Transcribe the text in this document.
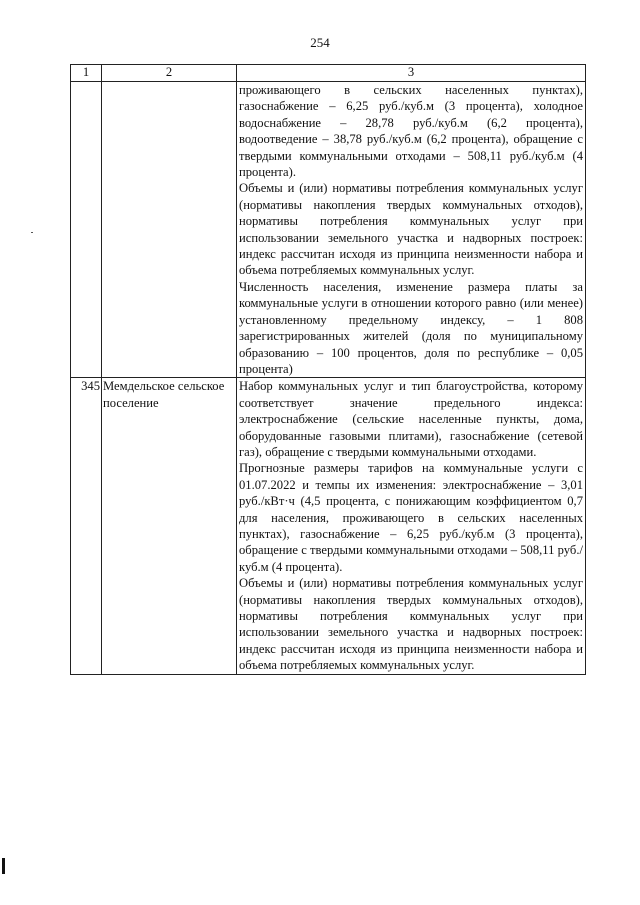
254
1	2	3

		проживающего в сельских населенных пунктах), газоснабжение – 6,25 руб./куб.м (3 процента), холодное водоснабжение – 28,78 руб./куб.м (6,2 процента), водоотведение – 38,78 руб./куб.м (6,2 процента), обращение с твердыми коммунальными отходами – 508,11 руб./куб.м (4 процента).

Объемы и (или) нормативы потребления коммунальных услуг (нормативы накопления твердых коммунальных отходов), нормативы потребления коммунальных услуг при использовании земельного участка и надворных построек: индекс рассчитан исходя из принципа неизменности набора и объема потребляемых коммунальных услуг.

Численность населения, изменение размера платы за коммунальные услуги в отношении которого равно (или менее) установленному предельному индексу, – 1 808 зарегистрированных жителей (доля по муниципальному образованию – 100 процентов, доля по республике – 0,05 процента)

345	Мемдельское сельское поселение	Набор коммунальных услуг и тип благоустройства, которому соответствует значение предельного индекса: электроснабжение (сельские населенные пункты, дома, оборудованные газовыми плитами), газоснабжение (сетевой газ), обращение с твердыми коммунальными отходами.

Прогнозные размеры тарифов на коммунальные услуги с 01.07.2022 и темпы их изменения: электроснабжение – 3,01 руб./кВт·ч (4,5 процента, с понижающим коэффициентом 0,7 для населения, проживающего в сельских населенных пунктах), газоснабжение – 6,25 руб./куб.м (3 процента), обращение с твердыми коммунальными отходами – 508,11 руб./куб.м (4 процента).

Объемы и (или) нормативы потребления коммунальных услуг (нормативы накопления твердых коммунальных отходов), нормативы потребления коммунальных услуг при использовании земельного участка и надворных построек: индекс рассчитан исходя из принципа неизменности набора и объема потребляемых коммунальных услуг.
